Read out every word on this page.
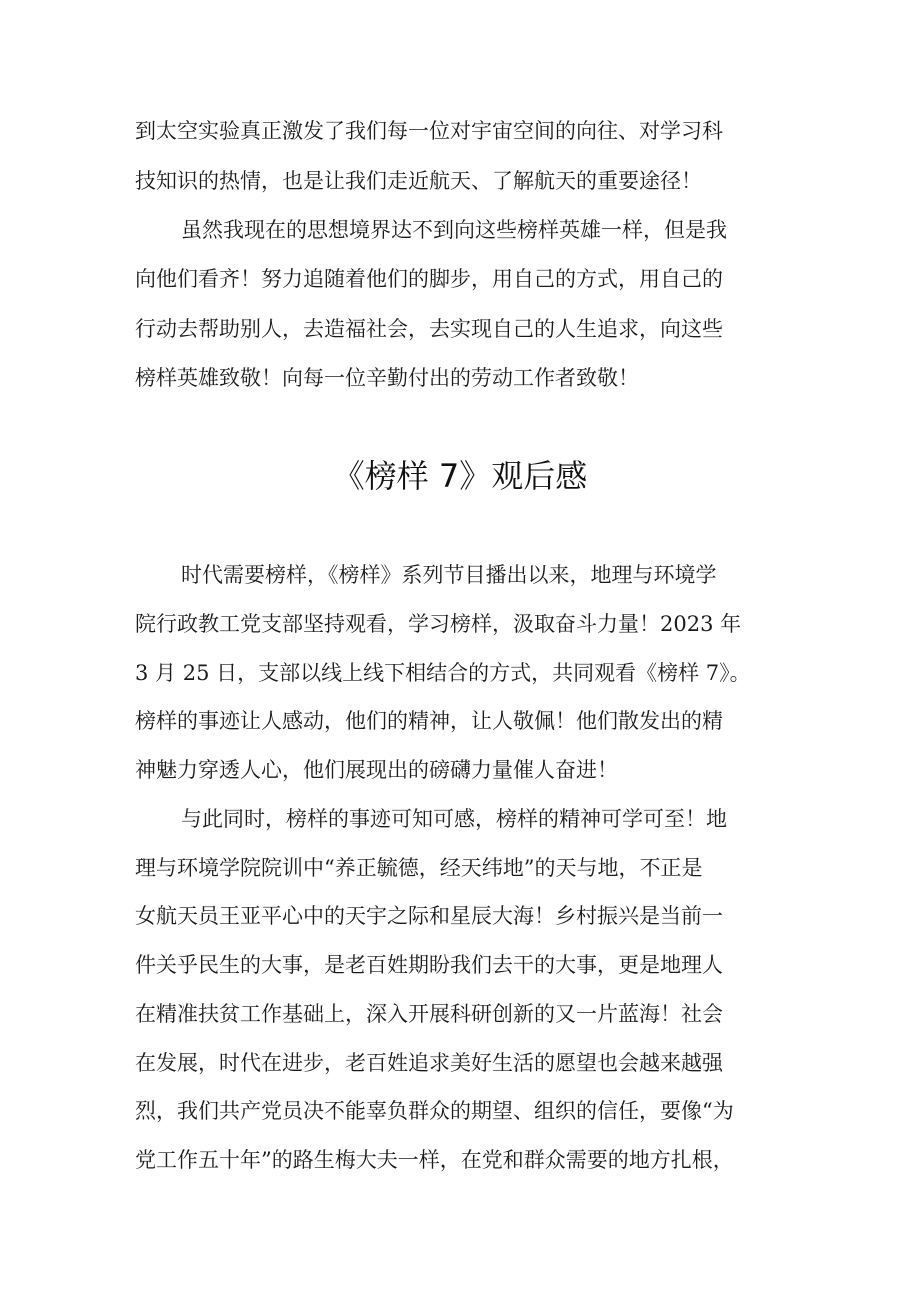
到太空实验真正激发了我们每一位对宇宙空间的向往、对学习科
技知识的热情，也是让我们走近航天、了解航天的重要途径！
虽然我现在的思想境界达不到向这些榜样英雄一样，但是我
向他们看齐！努力追随着他们的脚步，用自己的方式，用自己的
行动去帮助别人，去造福社会，去实现自己的人生追求，向这些
榜样英雄致敬！向每一位辛勤付出的劳动工作者致敬！
《榜样 7》观后感
时代需要榜样，《榜样》系列节目播出以来，地理与环境学
院行政教工党支部坚持观看，学习榜样，汲取奋斗力量！2023 年
3 月 25 日，支部以线上线下相结合的方式，共同观看《榜样 7》。
榜样的事迹让人感动，他们的精神，让人敬佩！他们散发出的精
神魅力穿透人心，他们展现出的磅礴力量催人奋进！
与此同时，榜样的事迹可知可感，榜样的精神可学可至！地
理与环境学院院训中“养正毓德，经天纬地”的天与地，不正是
女航天员王亚平心中的天宇之际和星辰大海！乡村振兴是当前一
件关乎民生的大事，是老百姓期盼我们去干的大事，更是地理人
在精准扶贫工作基础上，深入开展科研创新的又一片蓝海！社会
在发展，时代在进步，老百姓追求美好生活的愿望也会越来越强
烈，我们共产党员决不能辜负群众的期望、组织的信任，要像“为
党工作五十年”的路生梅大夫一样，在党和群众需要的地方扎根，
